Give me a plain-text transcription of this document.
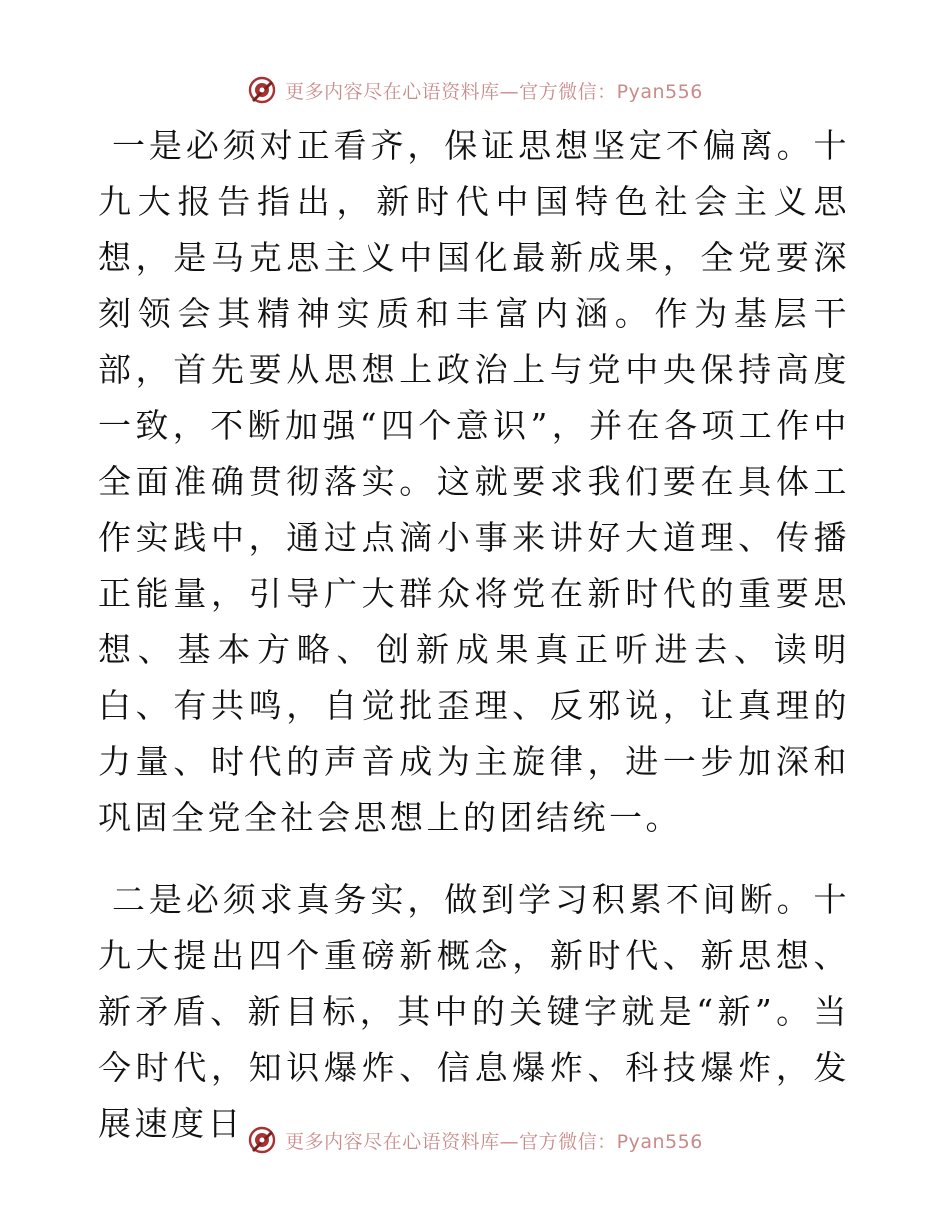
更多内容尽在心语资料库—官方微信：Pyan556

一是必须对正看齐，保证思想坚定不偏离。十九大报告指出，新时代中国特色社会主义思想，是马克思主义中国化最新成果，全党要深刻领会其精神实质和丰富内涵。作为基层干部，首先要从思想上政治上与党中央保持高度一致，不断加强“四个意识”，并在各项工作中全面准确贯彻落实。这就要求我们要在具体工作实践中，通过点滴小事来讲好大道理、传播正能量，引导广大群众将党在新时代的重要思想、基本方略、创新成果真正听进去、读明白、有共鸣，自觉批歪理、反邪说，让真理的力量、时代的声音成为主旋律，进一步加深和巩固全党全社会思想上的团结统一。

二是必须求真务实，做到学习积累不间断。十九大提出四个重磅新概念，新时代、新思想、新矛盾、新目标，其中的关键字就是“新”。当今时代，知识爆炸、信息爆炸、科技爆炸，发展速度日	更多内容尽在心语资料库—官方微信：Pyan556
